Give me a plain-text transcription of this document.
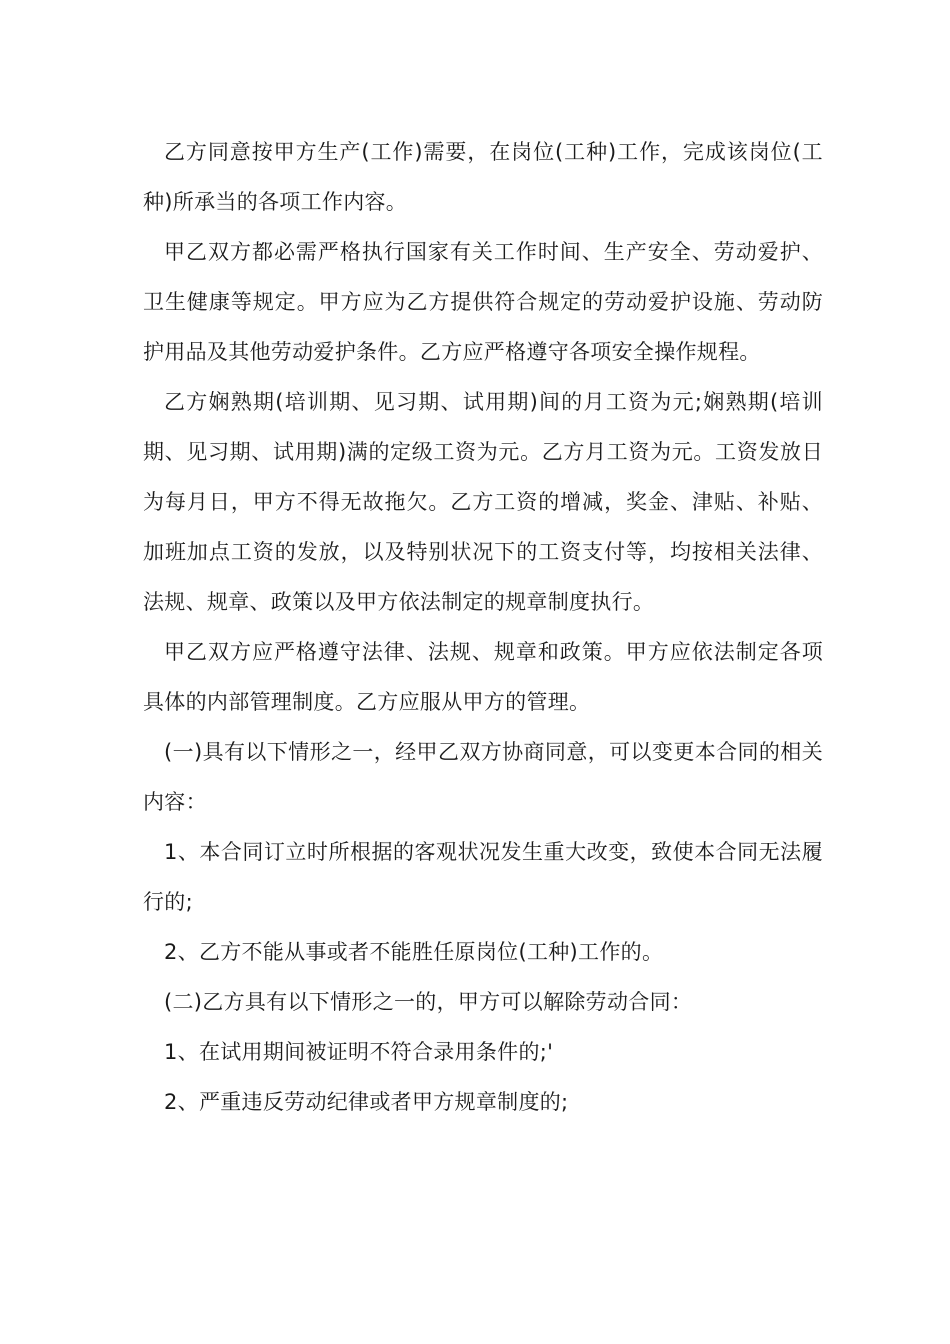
乙方同意按甲方生产(工作)需要，在岗位(工种)工作，完成该岗位(工种)所承当的各项工作内容。

甲乙双方都必需严格执行国家有关工作时间、生产安全、劳动爱护、卫生健康等规定。甲方应为乙方提供符合规定的劳动爱护设施、劳动防护用品及其他劳动爱护条件。乙方应严格遵守各项安全操作规程。

乙方娴熟期(培训期、见习期、试用期)间的月工资为元;娴熟期(培训期、见习期、试用期)满的定级工资为元。乙方月工资为元。工资发放日为每月日，甲方不得无故拖欠。乙方工资的增减，奖金、津贴、补贴、加班加点工资的发放，以及特别状况下的工资支付等，均按相关法律、法规、规章、政策以及甲方依法制定的规章制度执行。

甲乙双方应严格遵守法律、法规、规章和政策。甲方应依法制定各项具体的内部管理制度。乙方应服从甲方的管理。

(一)具有以下情形之一，经甲乙双方协商同意，可以变更本合同的相关内容：

1、本合同订立时所根据的客观状况发生重大改变，致使本合同无法履行的;

2、乙方不能从事或者不能胜任原岗位(工种)工作的。

(二)乙方具有以下情形之一的，甲方可以解除劳动合同：

1、在试用期间被证明不符合录用条件的;'

2、严重违反劳动纪律或者甲方规章制度的;
